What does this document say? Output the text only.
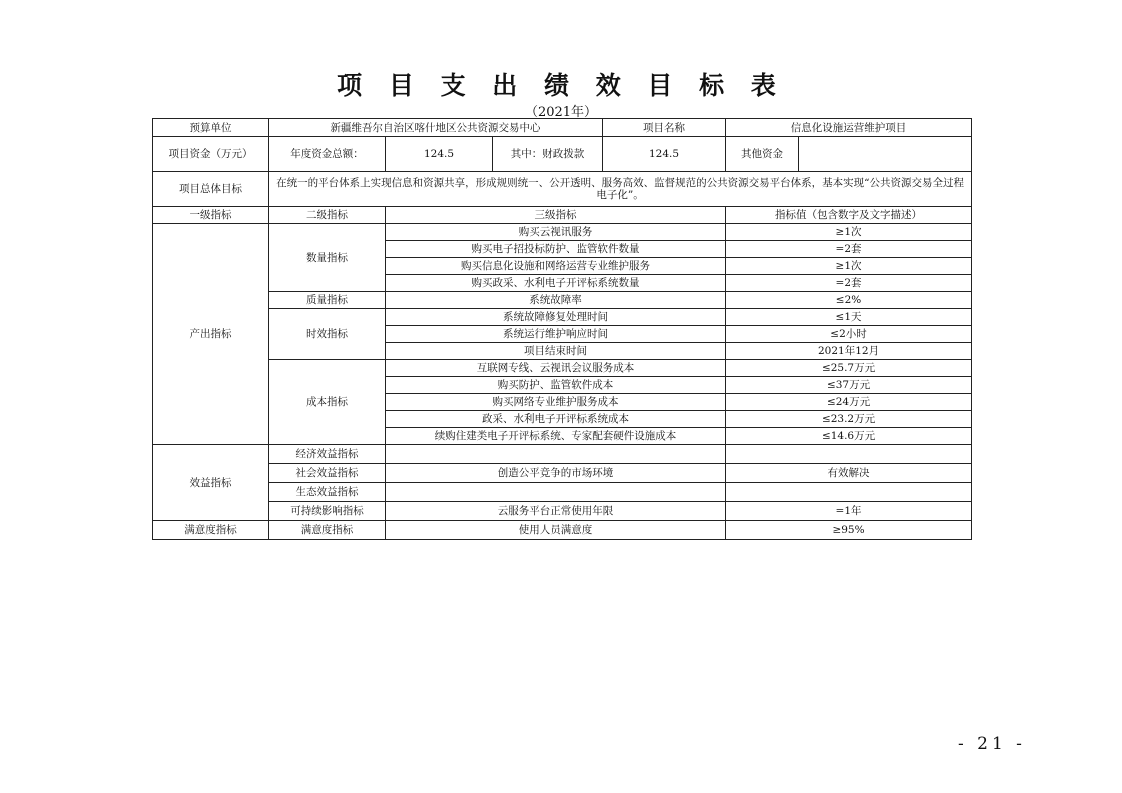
项 目 支 出 绩 效 目 标 表
（2021年）
预算单位	新疆维吾尔自治区喀什地区公共资源交易中心			项目名称	信息化设施运营维护项目	
项目资金（万元）	年度资金总额：	124.5	其中：财政拨款	124.5	其他资金	
项目总体目标	在统一的平台体系上实现信息和资源共享，形成规则统一、公开透明、服务高效、监督规范的公共资源交易平台体系，基本实现“公共资源交易全过程电子化”。					
一级指标	二级指标	三级指标			指标值（包含数字及文字描述）	
产出指标	数量指标	购买云视讯服务			≥1次	
		购买电子招投标防护、监管软件数量			=2套	
		购买信息化设施和网络运营专业维护服务			≥1次	
		购买政采、水利电子开评标系统数量			=2套	
	质量指标	系统故障率			≤2%	
	时效指标	系统故障修复处理时间			≤1天	
		系统运行维护响应时间			≤2小时	
		项目结束时间			2021年12月	
	成本指标	互联网专线、云视讯会议服务成本			≤25.7万元	
		购买防护、监管软件成本			≤37万元	
		购买网络专业维护服务成本			≤24万元	
		政采、水利电子开评标系统成本			≤23.2万元	
		续购住建类电子开评标系统、专家配套硬件设施成本			≤14.6万元	
效益指标	经济效益指标					
	社会效益指标	创造公平竞争的市场环境			有效解决	
	生态效益指标					
	可持续影响指标	云服务平台正常使用年限			=1年	
满意度指标	满意度指标	使用人员满意度			≥95%	
- 21 -
